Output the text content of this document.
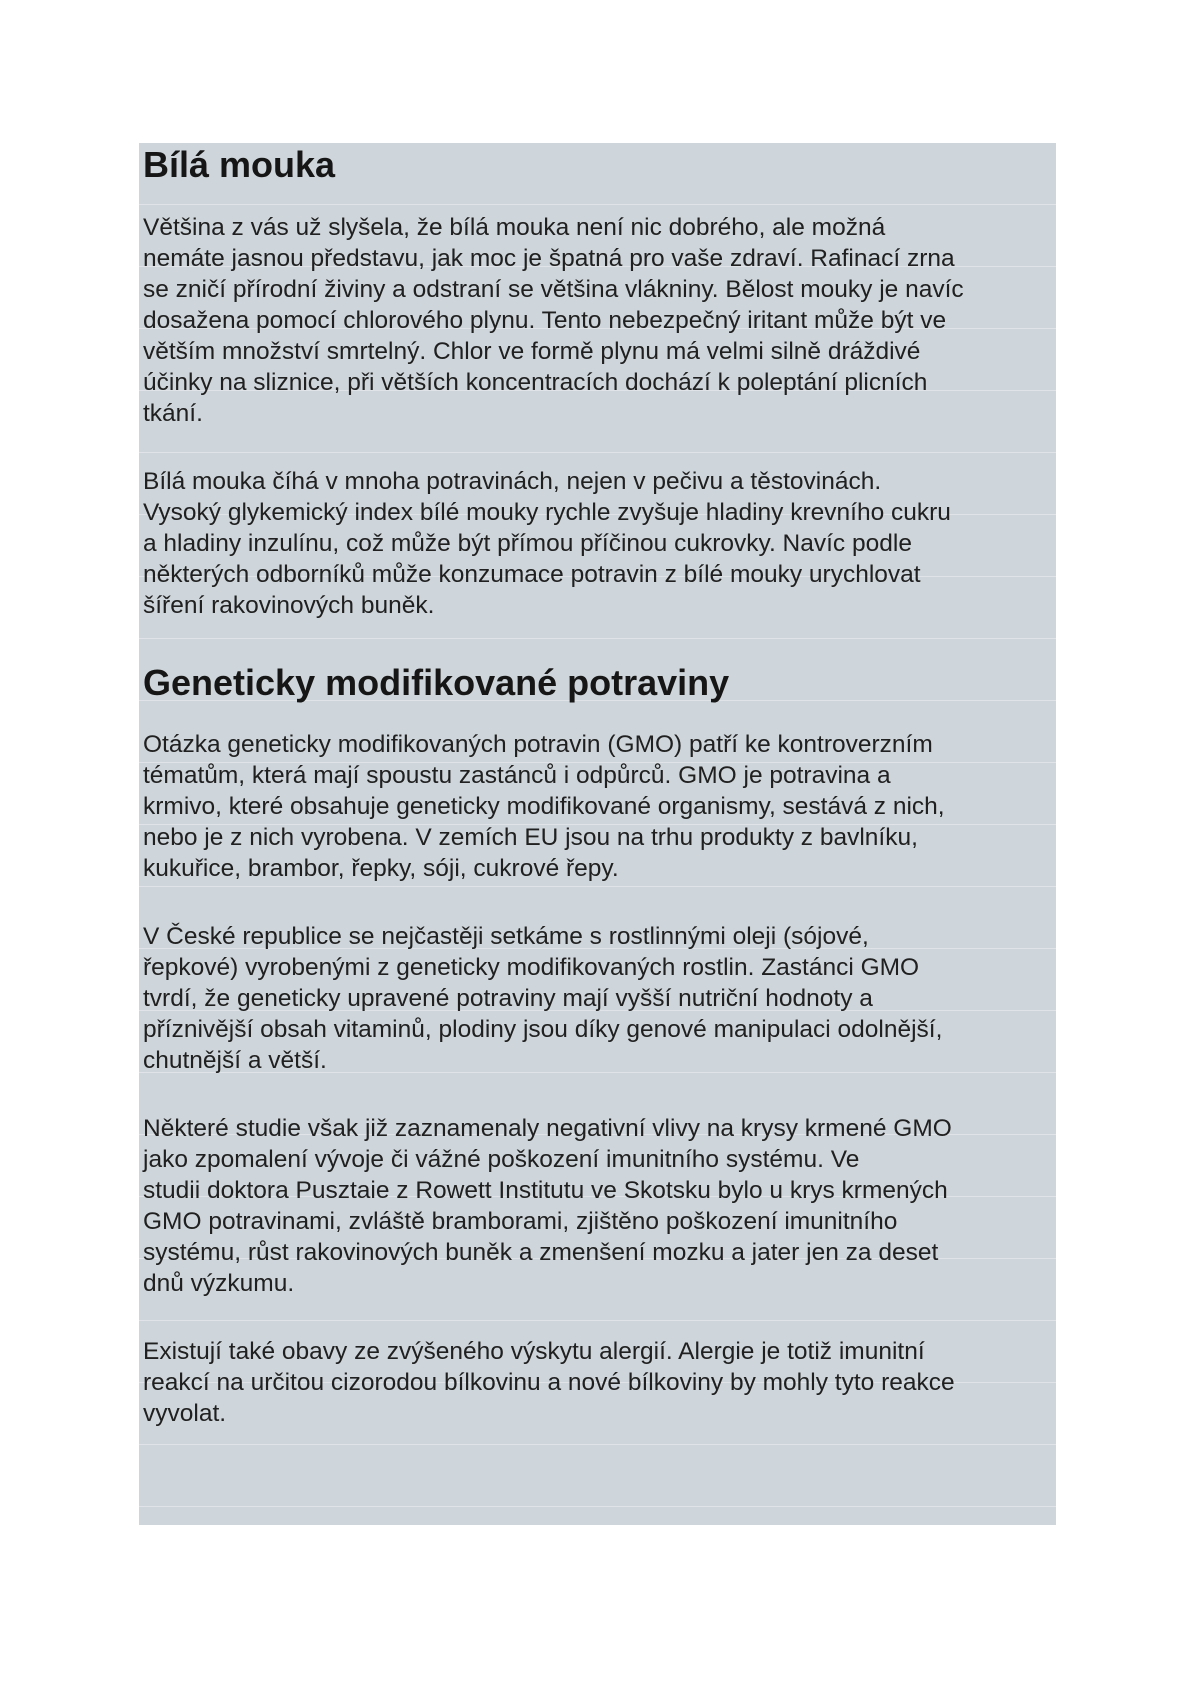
Bílá mouka

Většina z vás už slyšela, že bílá mouka není nic dobrého, ale možná
nemáte jasnou představu, jak moc je špatná pro vaše zdraví. Rafinací zrna
se zničí přírodní živiny a odstraní se většina vlákniny. Bělost mouky je navíc
dosažena pomocí chlorového plynu. Tento nebezpečný iritant může být ve
větším množství smrtelný. Chlor ve formě plynu má velmi silně dráždivé
účinky na sliznice, při větších koncentracích dochází k poleptání plicních
tkání.

Bílá mouka číhá v mnoha potravinách, nejen v pečivu a těstovinách.
Vysoký glykemický index bílé mouky rychle zvyšuje hladiny krevního cukru
a hladiny inzulínu, což může být přímou příčinou cukrovky. Navíc podle
některých odborníků může konzumace potravin z bílé mouky urychlovat
šíření rakovinových buněk.

Geneticky modifikované potraviny

Otázka geneticky modifikovaných potravin (GMO) patří ke kontroverzním
tématům, která mají spoustu zastánců i odpůrců. GMO je potravina a
krmivo, které obsahuje geneticky modifikované organismy, sestává z nich,
nebo je z nich vyrobena. V zemích EU jsou na trhu produkty z bavlníku,
kukuřice, brambor, řepky, sóji, cukrové řepy.

V České republice se nejčastěji setkáme s rostlinnými oleji (sójové,
řepkové) vyrobenými z geneticky modifikovaných rostlin. Zastánci GMO
tvrdí, že geneticky upravené potraviny mají vyšší nutriční hodnoty a
příznivější obsah vitaminů, plodiny jsou díky genové manipulaci odolnější,
chutnější a větší.

Některé studie však již zaznamenaly negativní vlivy na krysy krmené GMO
jako zpomalení vývoje či vážné poškození imunitního systému. Ve
studii doktora Pusztaie z Rowett Institutu ve Skotsku bylo u krys krmených
GMO potravinami, zvláště bramborami, zjištěno poškození imunitního
systému, růst rakovinových buněk a zmenšení mozku a jater jen za deset
dnů výzkumu.

Existují také obavy ze zvýšeného výskytu alergií. Alergie je totiž imunitní
reakcí na určitou cizorodou bílkovinu a nové bílkoviny by mohly tyto reakce
vyvolat.
